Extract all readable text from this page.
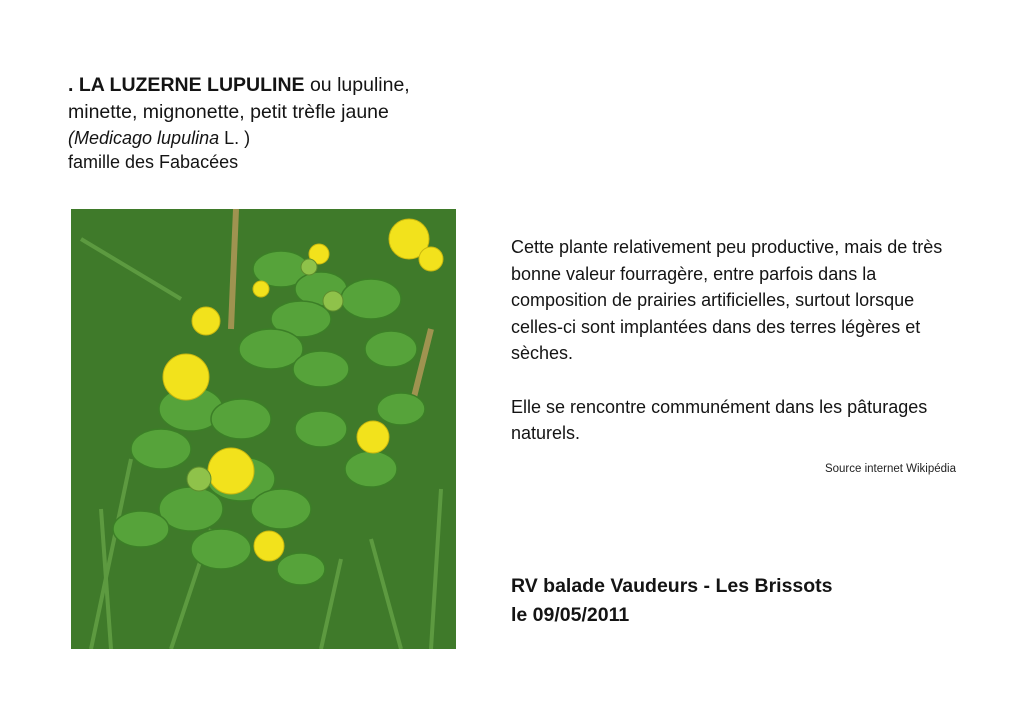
. LA LUZERNE LUPULINE ou lupuline,
minette, mignonette, petit trèfle jaune
(Medicago lupulina L. )
famille des Fabacées

Cette plante relativement peu productive, mais de très bonne valeur fourragère, entre parfois dans la composition de prairies artificielles, surtout lorsque celles-ci sont implantées dans des terres légères et sèches.

Elle se rencontre communément dans les pâturages naturels.

Source internet Wikipédia
RV balade Vaudeurs - Les Brissots
le 09/05/2011
